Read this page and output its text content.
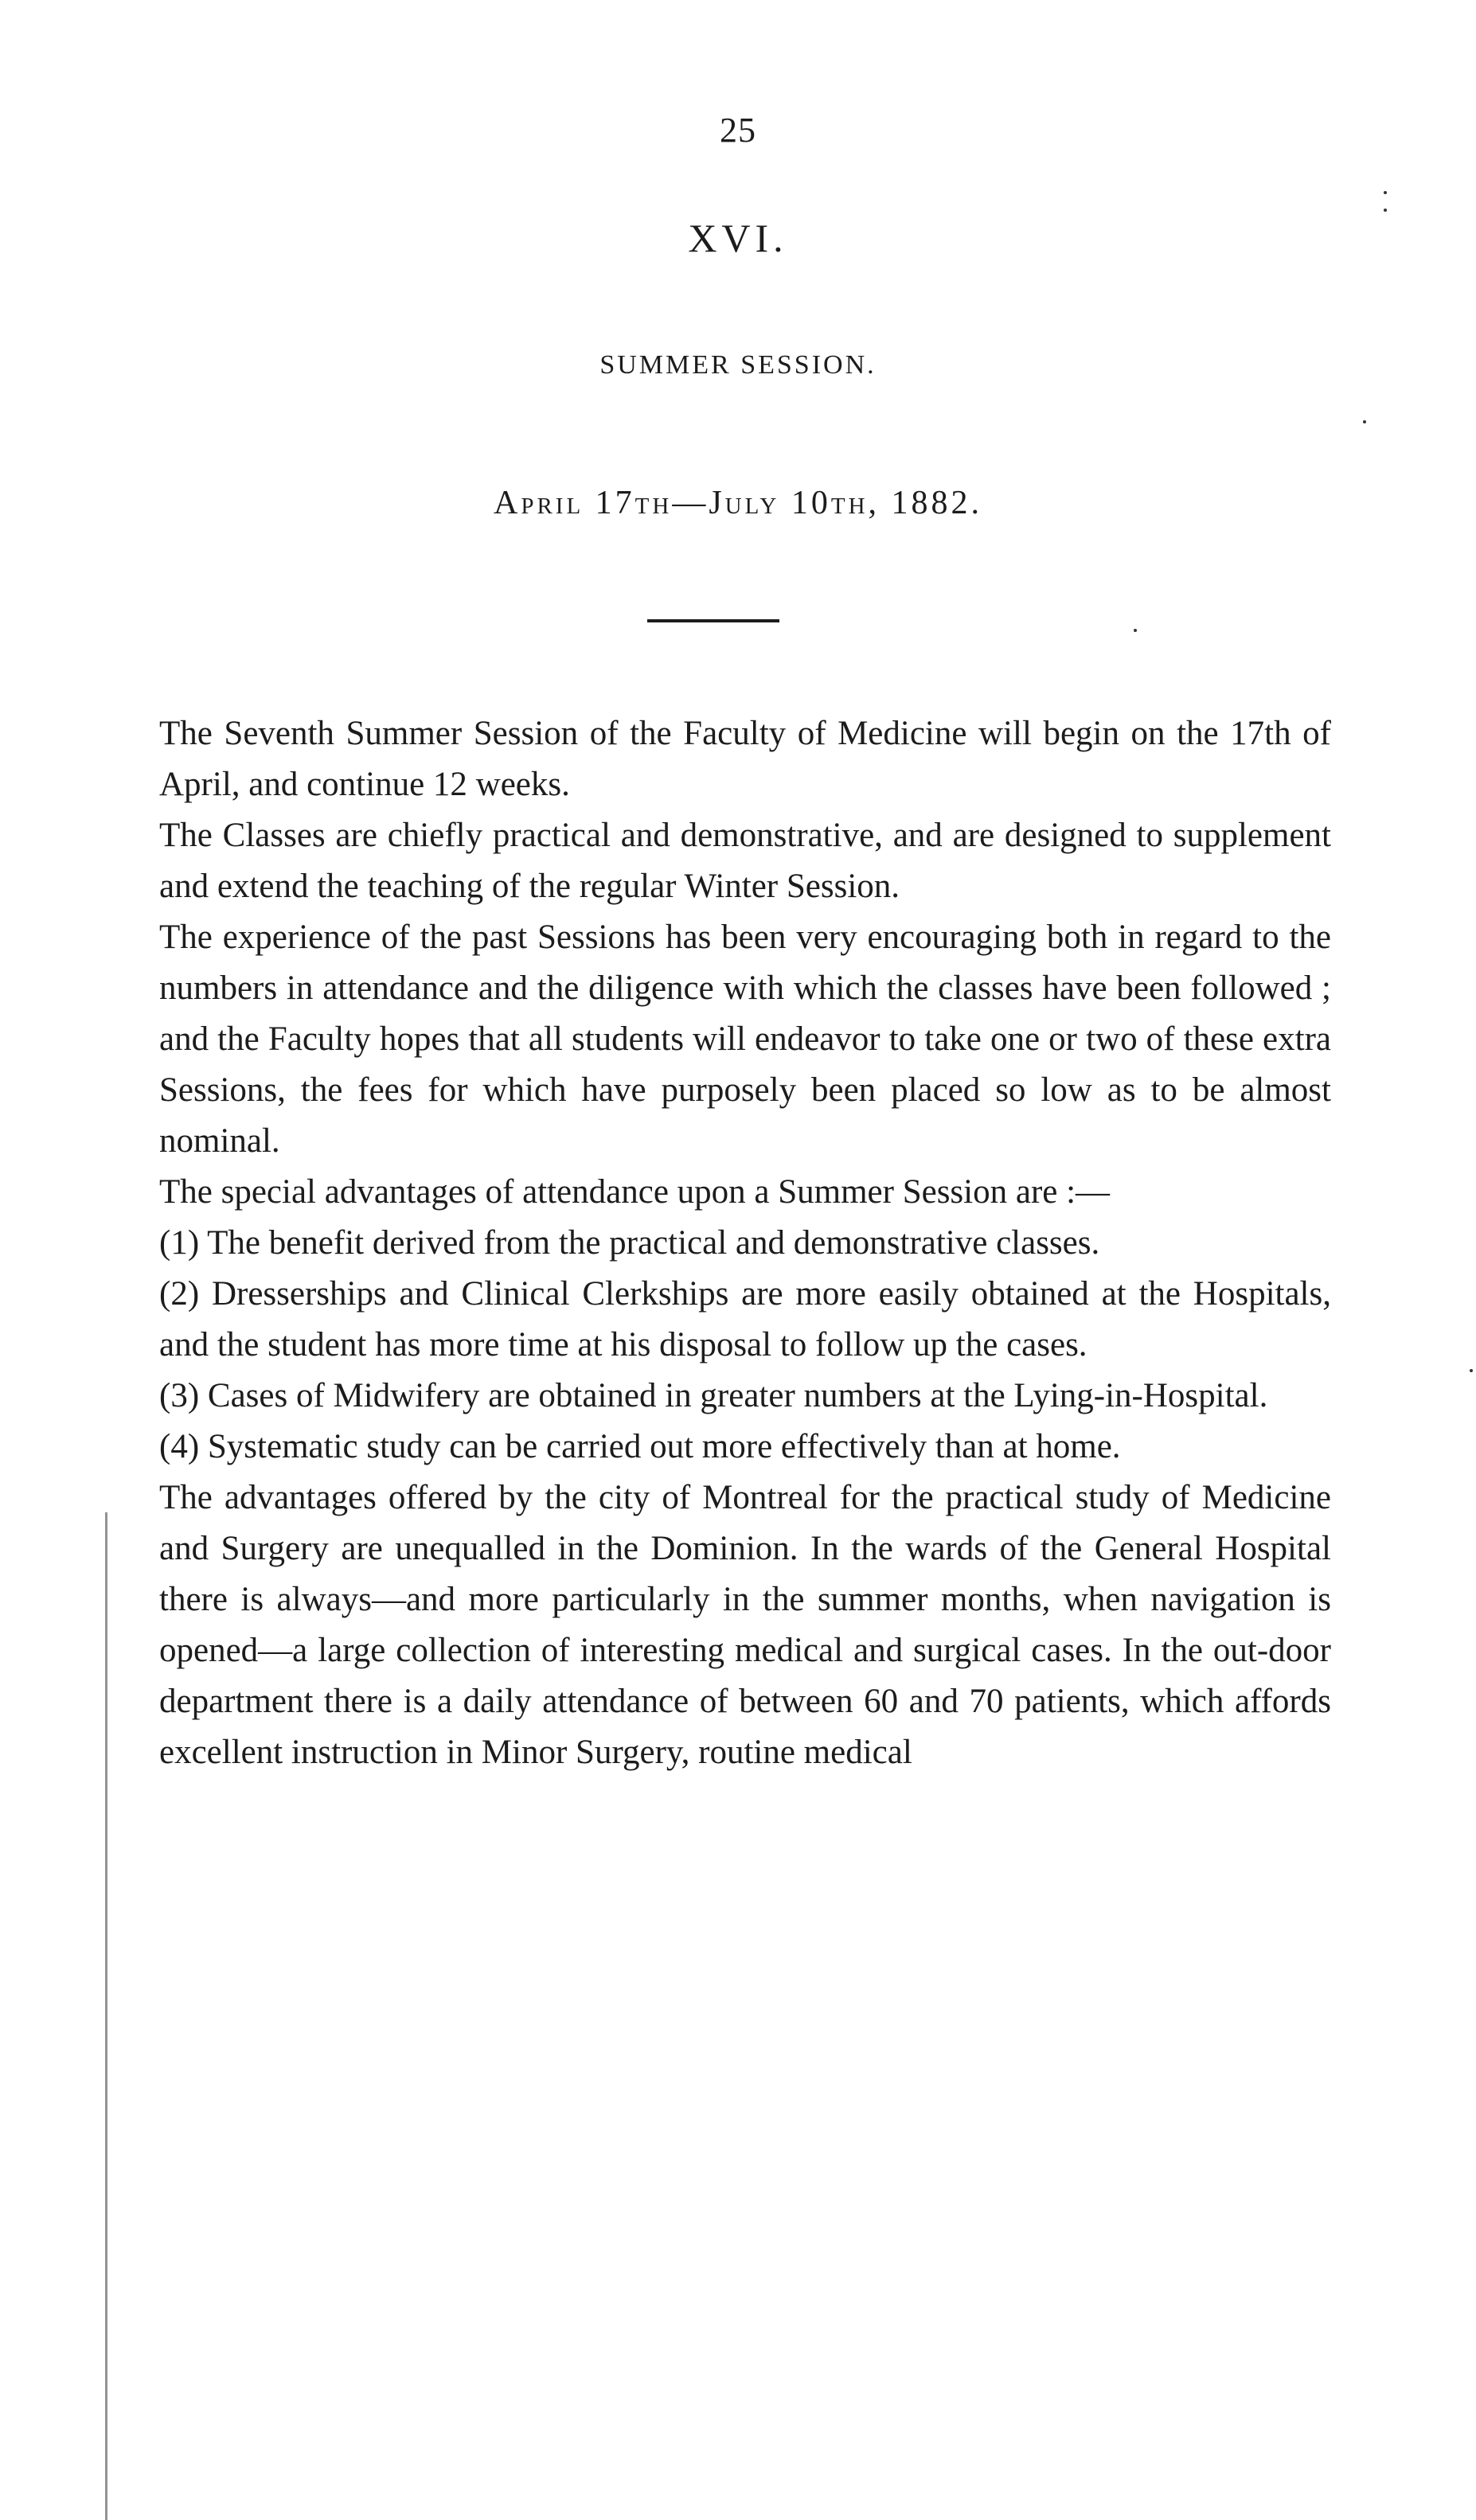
25
XVI.
SUMMER SESSION.
April 17th—July 10th, 1882.

The Seventh Summer Session of the Faculty of Medicine will begin on the 17th of April, and continue 12 weeks.

The Classes are chiefly practical and demonstrative, and are designed to supplement and extend the teaching of the regular Winter Session.

The experience of the past Sessions has been very encouraging both in regard to the numbers in attendance and the diligence with which the classes have been followed ; and the Faculty hopes that all students will endeavor to take one or two of these extra Sessions, the fees for which have purposely been placed so low as to be almost nominal.

The special advantages of attendance upon a Summer Session are :—

(1) The benefit derived from the practical and demonstrative classes.

(2) Dresserships and Clinical Clerkships are more easily obtained at the Hospitals, and the student has more time at his disposal to follow up the cases.

(3) Cases of Midwifery are obtained in greater numbers at the Lying-in-Hospital.

(4) Systematic study can be carried out more effectively than at home.

The advantages offered by the city of Montreal for the practical study of Medicine and Surgery are unequalled in the Dominion. In the wards of the General Hospital there is always—and more particularly in the summer months, when navigation is opened—a large collection of interesting medical and surgical cases. In the out-door department there is a daily attendance of between 60 and 70 patients, which affords excellent instruction in Minor Surgery, routine medical
